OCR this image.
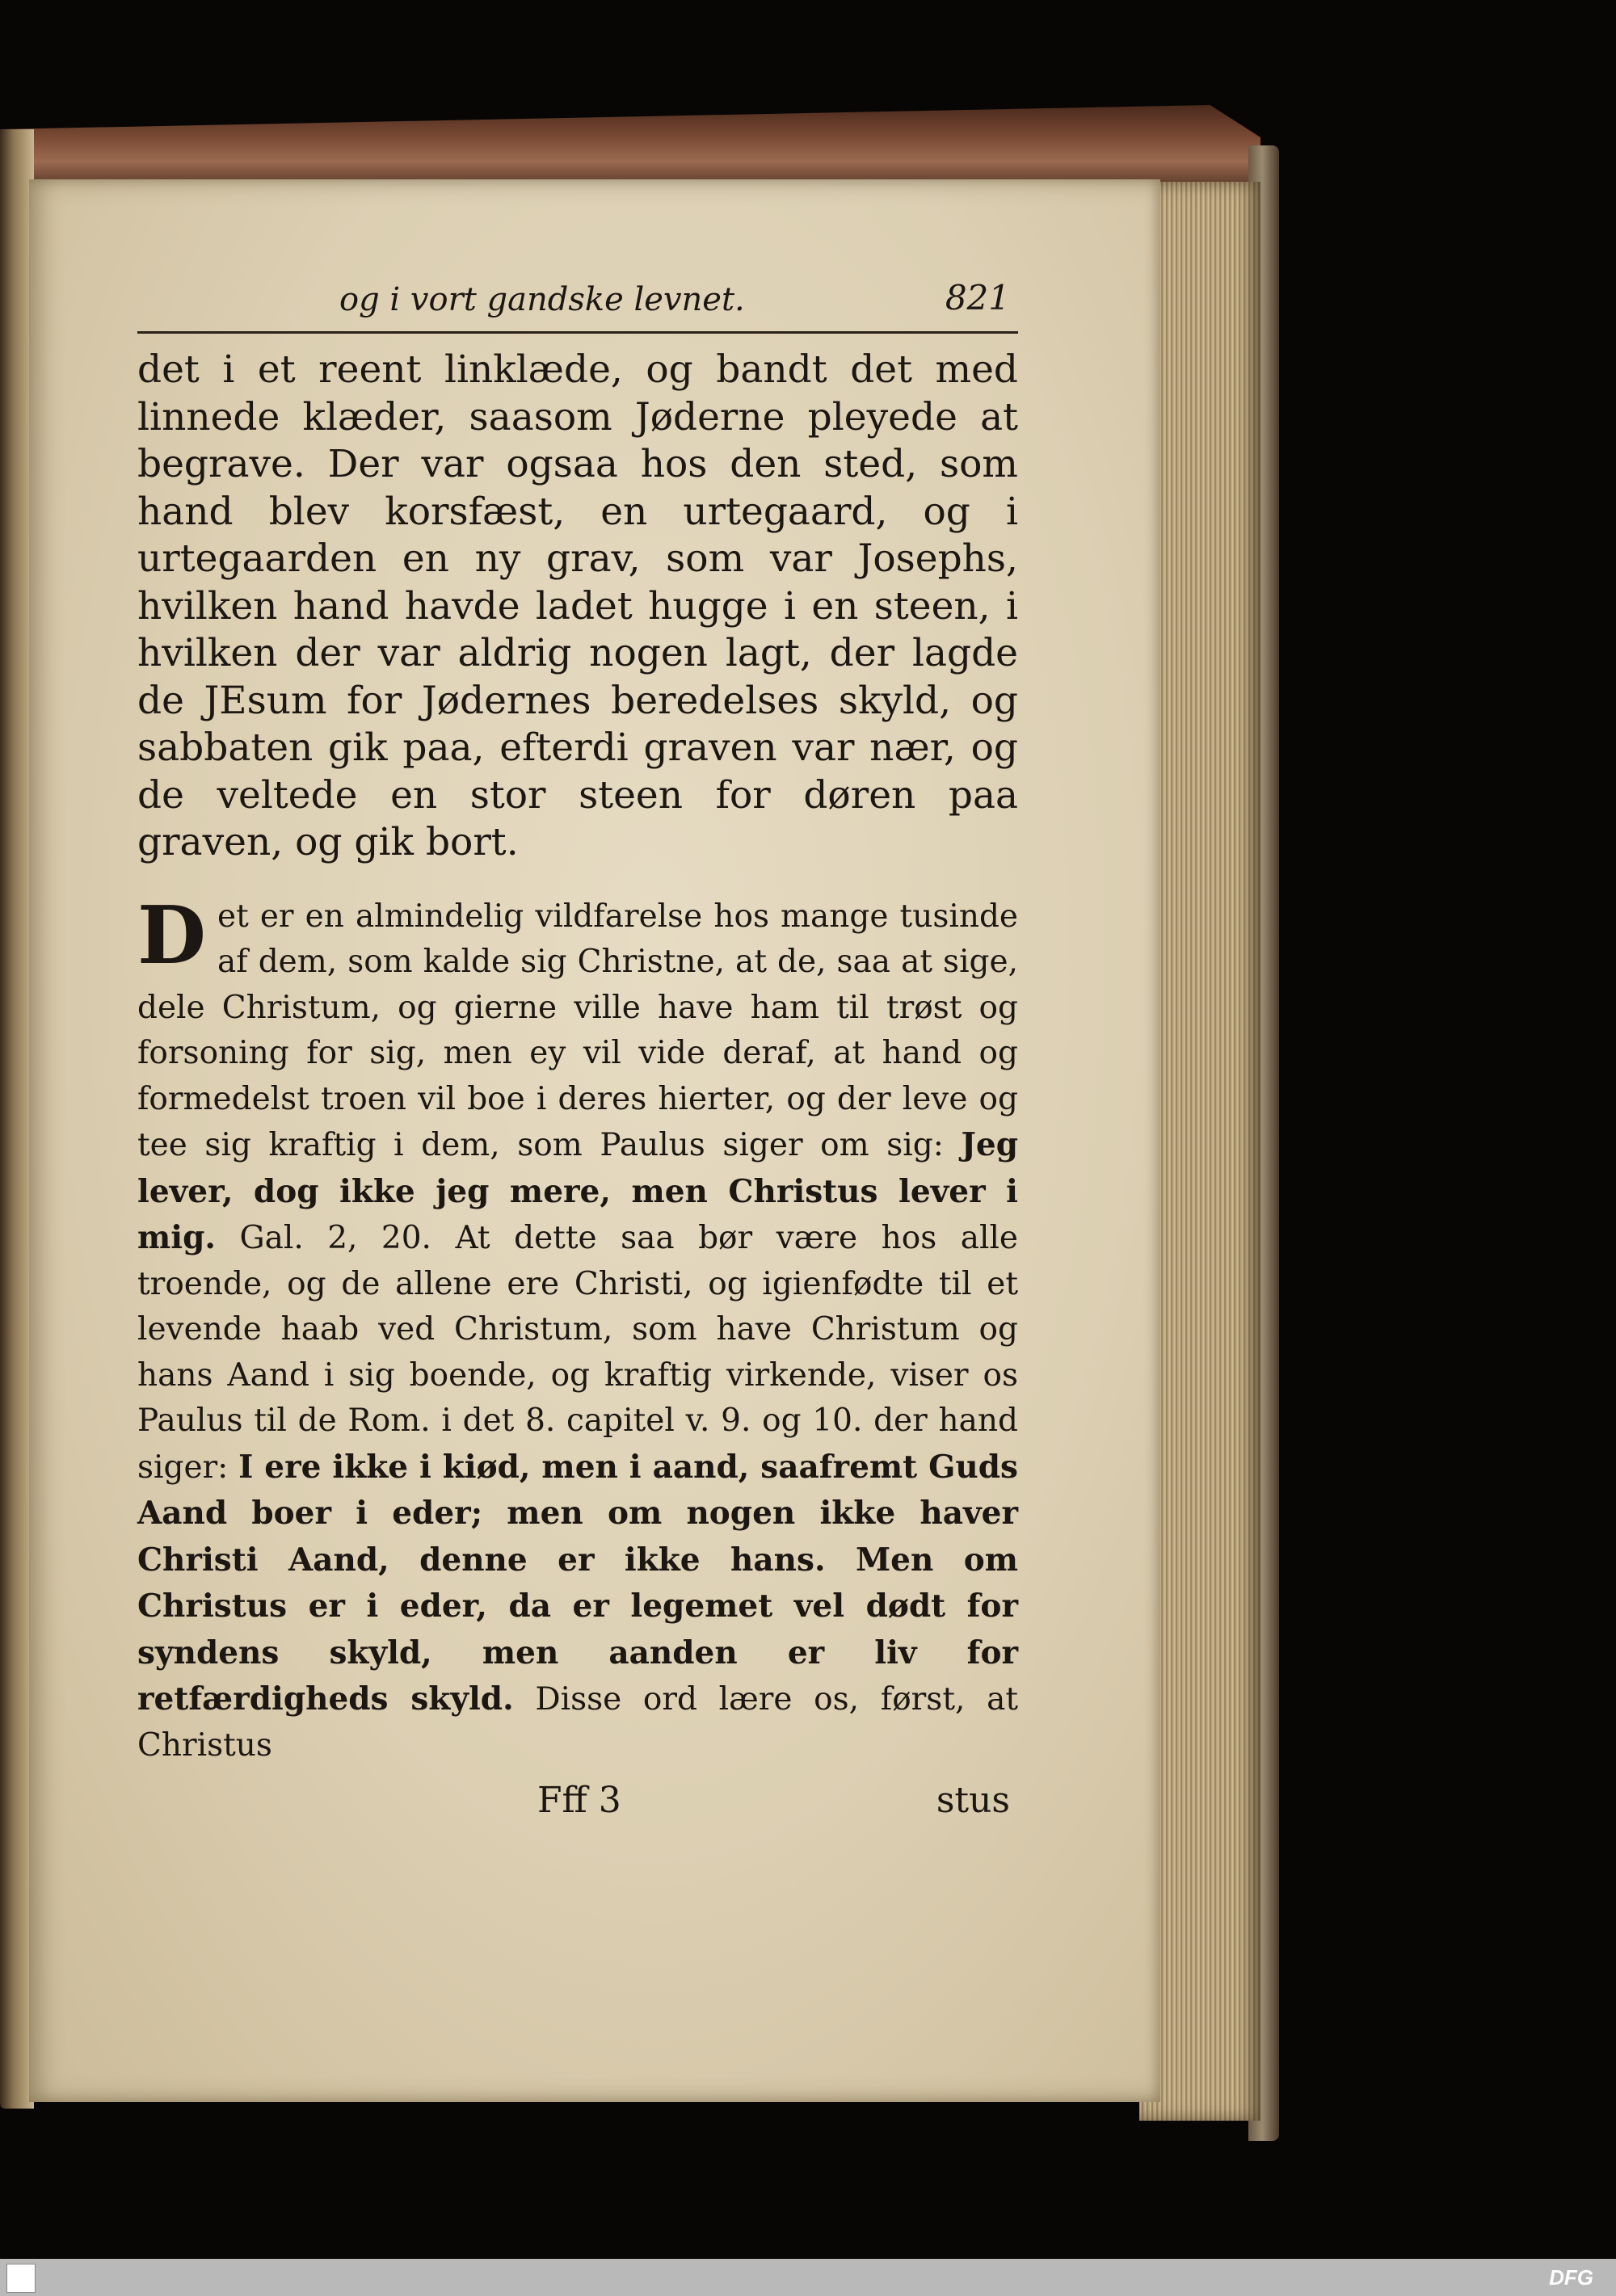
og i vort gandske levnet.	821

det i et reent linklæde, og bandt det med linnede klæder, saasom Jøderne pleyede at begrave. Der var ogsaa hos den sted, som hand blev korsfæst, en urtegaard, og i urtegaarden en ny grav, som var Josephs, hvilken hand havde ladet hugge i en steen, i hvilken der var aldrig nogen lagt, der lagde de JEsum for Jødernes beredelses skyld, og sabbaten gik paa, efterdi graven var nær, og de veltede en stor steen for døren paa graven, og gik bort.

Det er en almindelig vildfarelse hos mange tusinde af dem, som kalde sig Christne, at de, saa at sige, dele Christum, og gierne ville have ham til trøst og forsoning for sig, men ey vil vide deraf, at hand og formedelst troen vil boe i deres hierter, og der leve og tee sig kraftig i dem, som Paulus siger om sig: Jeg lever, dog ikke jeg mere, men Christus lever i mig. Gal. 2, 20. At dette saa bør være hos alle troende, og de allene ere Christi, og igienfødte til et levende haab ved Christum, som have Christum og hans Aand i sig boende, og kraftig virkende, viser os Paulus til de Rom. i det 8. capitel v. 9. og 10. der hand siger: I ere ikke i kiød, men i aand, saafremt Guds Aand boer i eder; men om nogen ikke haver Christi Aand, denne er ikke hans. Men om Christus er i eder, da er legemet vel dødt for syndens skyld, men aanden er liv for retfærdigheds skyld. Disse ord lære os, først, at Christus

Fff 3	stus
DFG
